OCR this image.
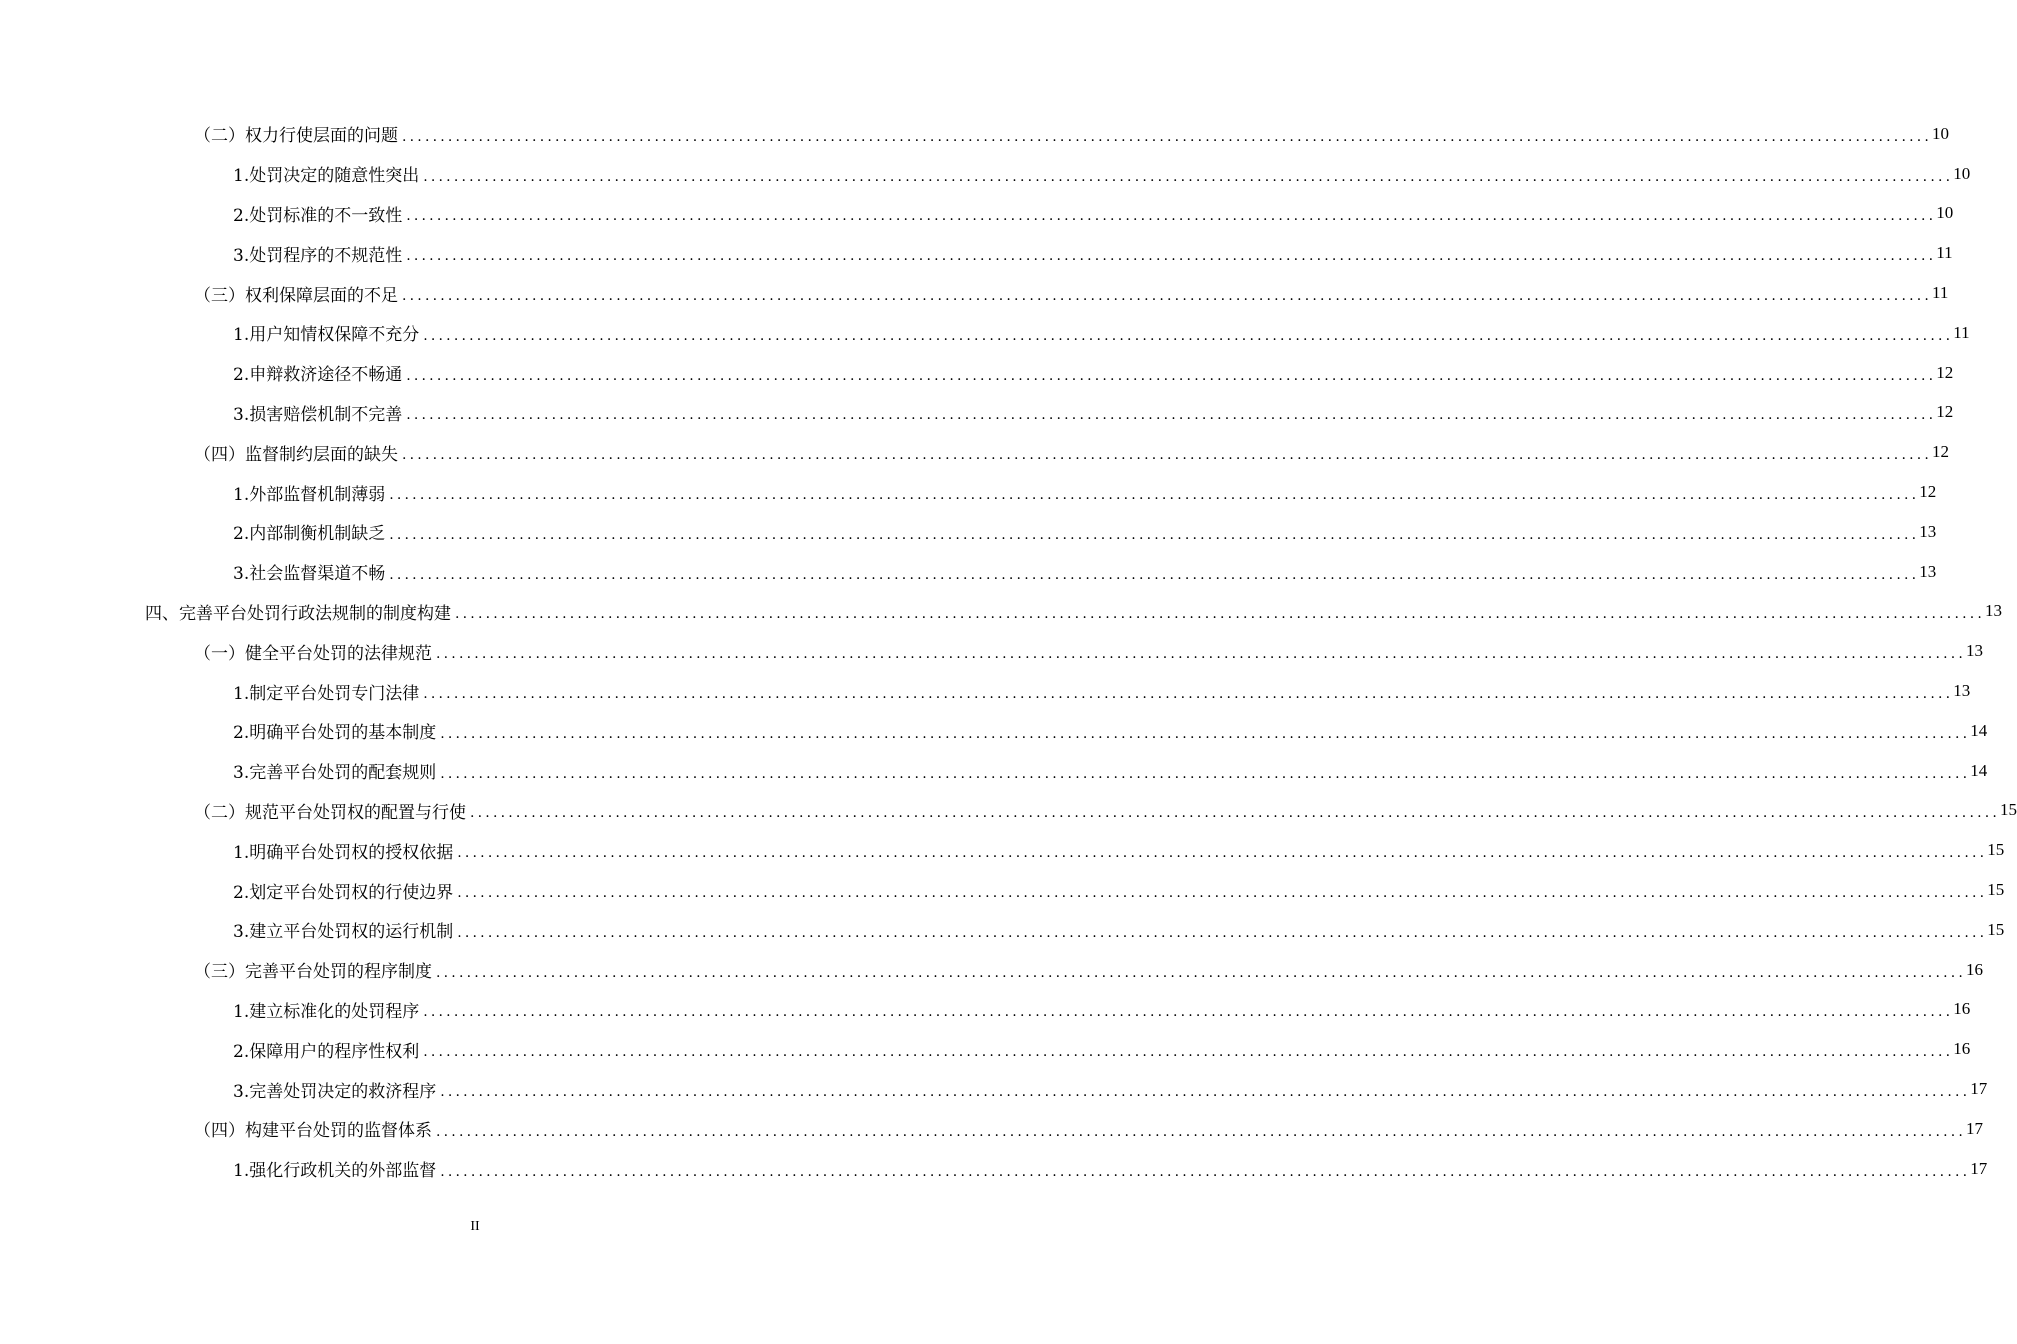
（二）权力行使层面的问题 ........................................................................................................................................................................................................ 10
1.处罚决定的随意性突出 ........................................................................................................................................................................................................ 10
2.处罚标准的不一致性 ........................................................................................................................................................................................................ 10
3.处罚程序的不规范性 ........................................................................................................................................................................................................ 11
（三）权利保障层面的不足 ........................................................................................................................................................................................................ 11
1.用户知情权保障不充分 ........................................................................................................................................................................................................ 11
2.申辩救济途径不畅通 ........................................................................................................................................................................................................ 12
3.损害赔偿机制不完善 ........................................................................................................................................................................................................ 12
（四）监督制约层面的缺失 ........................................................................................................................................................................................................ 12
1.外部监督机制薄弱 ........................................................................................................................................................................................................ 12
2.内部制衡机制缺乏 ........................................................................................................................................................................................................ 13
3.社会监督渠道不畅 ........................................................................................................................................................................................................ 13
四、完善平台处罚行政法规制的制度构建 ........................................................................................................................................................................................................ 13
（一）健全平台处罚的法律规范 ........................................................................................................................................................................................................ 13
1.制定平台处罚专门法律 ........................................................................................................................................................................................................ 13
2.明确平台处罚的基本制度 ........................................................................................................................................................................................................ 14
3.完善平台处罚的配套规则 ........................................................................................................................................................................................................ 14
（二）规范平台处罚权的配置与行使 ........................................................................................................................................................................................................ 15
1.明确平台处罚权的授权依据 ........................................................................................................................................................................................................ 15
2.划定平台处罚权的行使边界 ........................................................................................................................................................................................................ 15
3.建立平台处罚权的运行机制 ........................................................................................................................................................................................................ 15
（三）完善平台处罚的程序制度 ........................................................................................................................................................................................................ 16
1.建立标准化的处罚程序 ........................................................................................................................................................................................................ 16
2.保障用户的程序性权利 ........................................................................................................................................................................................................ 16
3.完善处罚决定的救济程序 ........................................................................................................................................................................................................ 17
（四）构建平台处罚的监督体系 ........................................................................................................................................................................................................ 17
1.强化行政机关的外部监督 ........................................................................................................................................................................................................ 17
II
